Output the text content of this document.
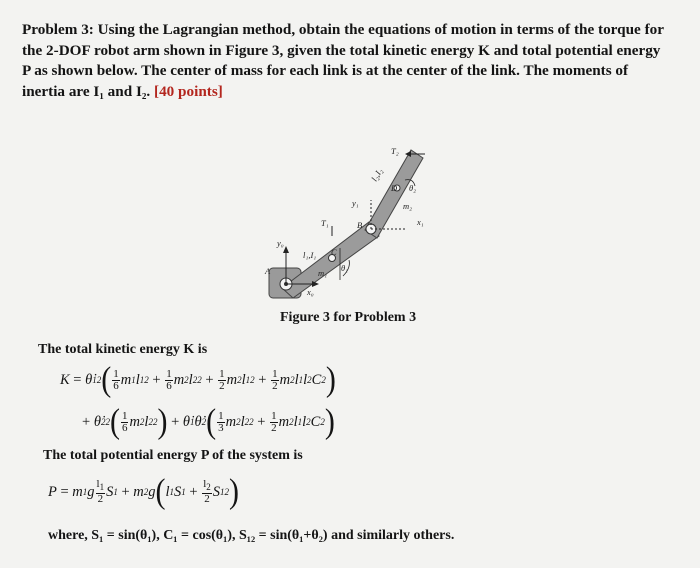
Problem 3: Using the Lagrangian method, obtain the equations of motion in terms of the torque for the 2-DOF robot arm shown in Figure 3, given the total kinetic energy K and total potential energy P as shown below. The center of mass for each link is at the center of the link. The moments of inertia are I₁ and I₂. [40 points]
y₀
A
x₀
l₁,I₁
T₁
m₁
C
θ₁
y₁
B	x₁
m₂
D θ₂
l₂,I₂
T₂
Figure 3 for Problem 3
The total kinetic energy K is
K = θ̇ 1 2 ( $\frac{1}{6}$ m 1 l 1 $2 + \frac{1}{6}$ m 2 l 2 $2 + \frac{1}{2}$ m 2 l 1 $2 + \frac{1}{2}$ m 2 l 1 l 2 C 2 )
+ θ̇ 2 2 ( $\frac{1}{6}$ m 2 l 2 2 ) + θ̇ 1 θ̇ 2 ( $\frac{1}{3}$ m 2 l 2 $2 + \frac{1}{2}$ m 2 l 1 l 2 C 2 )
The total potential energy P of the system is
P = m 1 g $\frac{l_1}{2}$ S 1 + m 2 g ( l 1 S $1 + \frac{l_2}{2}$ S 12 )
where, S₁ = sin(θ₁), C₁ = cos(θ₁), S₁₂ = sin(θ₁+θ₂) and similarly others.
